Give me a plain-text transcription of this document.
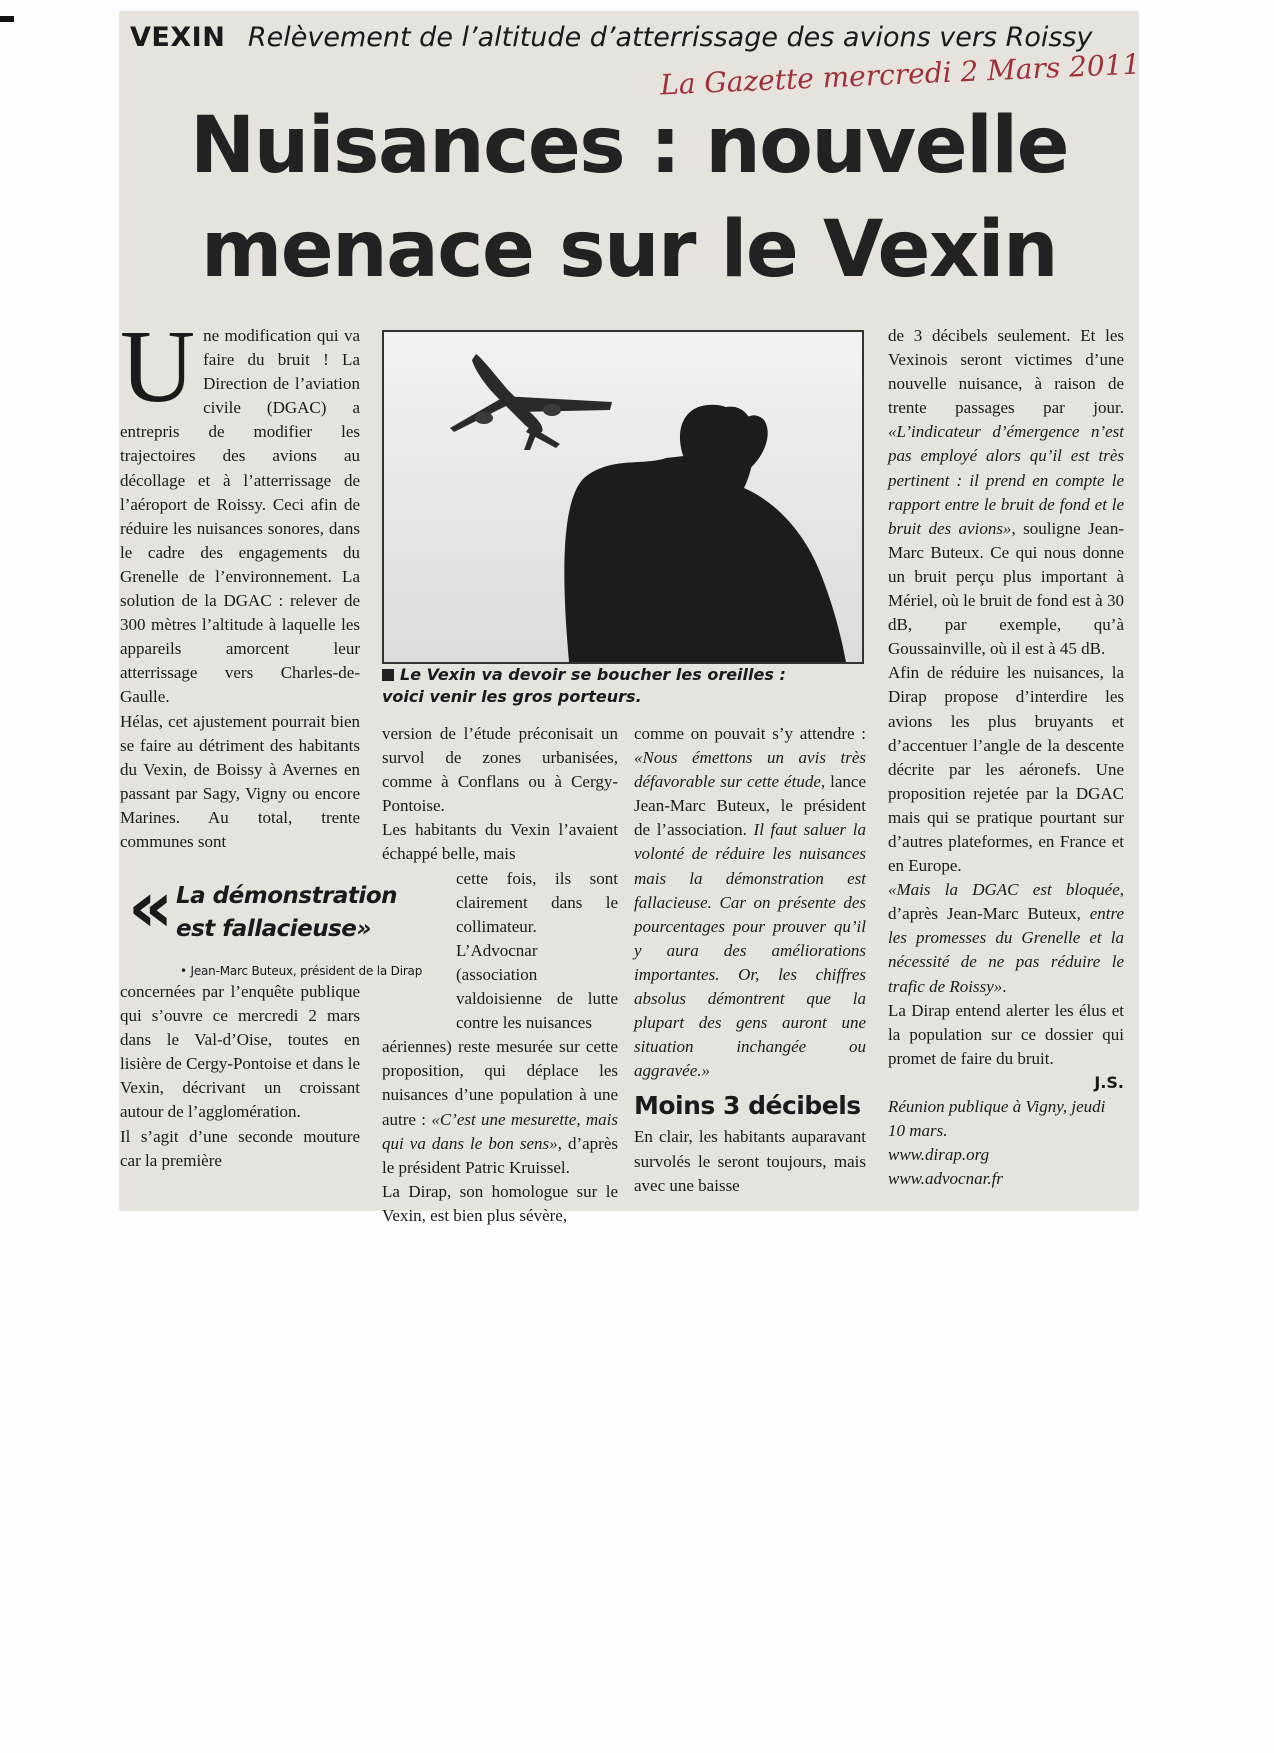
VEXIN Relèvement de l’altitude d’atterrissage des avions vers Roissy
La Gazette mercredi 2 Mars 2011
Nuisances : nouvelle
menace sur le Vexin

U ne modification qui va faire du bruit ! La Direction de l’aviation civile (DGAC) a entrepris de modifier les trajectoires des avions au décollage et à l’atterrissage de l’aéroport de Roissy. Ceci afin de réduire les nuisances sonores, dans le cadre des engagements du Grenelle de l’environnement. La solution de la DGAC : relever de 300 mètres l’altitude à laquelle les appareils amorcent leur atterrissage vers Charles-de-Gaulle.

Hélas, cet ajustement pourrait bien se faire au détriment des habitants du Vexin, de Boissy à Avernes en passant par Sagy, Vigny ou encore Marines. Au total, trente communes sont

Le Vexin va devoir se boucher les oreilles :
voici venir les gros porteurs.
« La démonstration est fallacieuse»
• Jean-Marc Buteux, président de la Dirap

concernées par l’enquête publique qui s’ouvre ce mercredi 2 mars dans le Val-d’Oise, toutes en lisière de Cergy-Pontoise et dans le Vexin, décrivant un croissant autour de l’agglomération.

Il s’agit d’une seconde mouture car la première

version de l’étude préconisait un survol de zones urbanisées, comme à Conflans ou à Cergy-Pontoise.

Les habitants du Vexin l’avaient échappé belle, mais

cette fois, ils sont clairement dans le collimateur. L’Advocnar (association valdoisienne de lutte contre les nuisances

aériennes) reste mesurée sur cette proposition, qui déplace les nuisances d’une population à une autre : «C’est une mesurette, mais qui va dans le bon sens», d’après le président Patric Kruissel.

La Dirap, son homologue sur le Vexin, est bien plus sévère,

comme on pouvait s’y attendre : «Nous émettons un avis très défavorable sur cette étude, lance Jean-Marc Buteux, le président de l’association. Il faut saluer la volonté de réduire les nuisances mais la démonstration est fallacieuse. Car on présente des pourcentages pour prouver qu’il y aura des améliorations importantes. Or, les chiffres absolus démontrent que la plupart des gens auront une situation inchangée ou aggravée.»

Moins 3 décibels

En clair, les habitants auparavant survolés le seront toujours, mais avec une baisse

de 3 décibels seulement. Et les Vexinois seront victimes d’une nouvelle nuisance, à raison de trente passages par jour. «L’indicateur d’émergence n’est pas employé alors qu’il est très pertinent : il prend en compte le rapport entre le bruit de fond et le bruit des avions», souligne Jean-Marc Buteux. Ce qui nous donne un bruit perçu plus important à Mériel, où le bruit de fond est à 30 dB, par exemple, qu’à Goussainville, où il est à 45 dB.

Afin de réduire les nuisances, la Dirap propose d’interdire les avions les plus bruyants et d’accentuer l’angle de la descente décrite par les aéronefs. Une proposition rejetée par la DGAC mais qui se pratique pourtant sur d’autres plateformes, en France et en Europe.

«Mais la DGAC est bloquée, d’après Jean-Marc Buteux, entre les promesses du Grenelle et la nécessité de ne pas réduire le trafic de Roissy».

La Dirap entend alerter les élus et la population sur ce dossier qui promet de faire du bruit.

J.S.

Réunion publique à Vigny, jeudi 10 mars.

www.dirap.org

www.advocnar.fr
